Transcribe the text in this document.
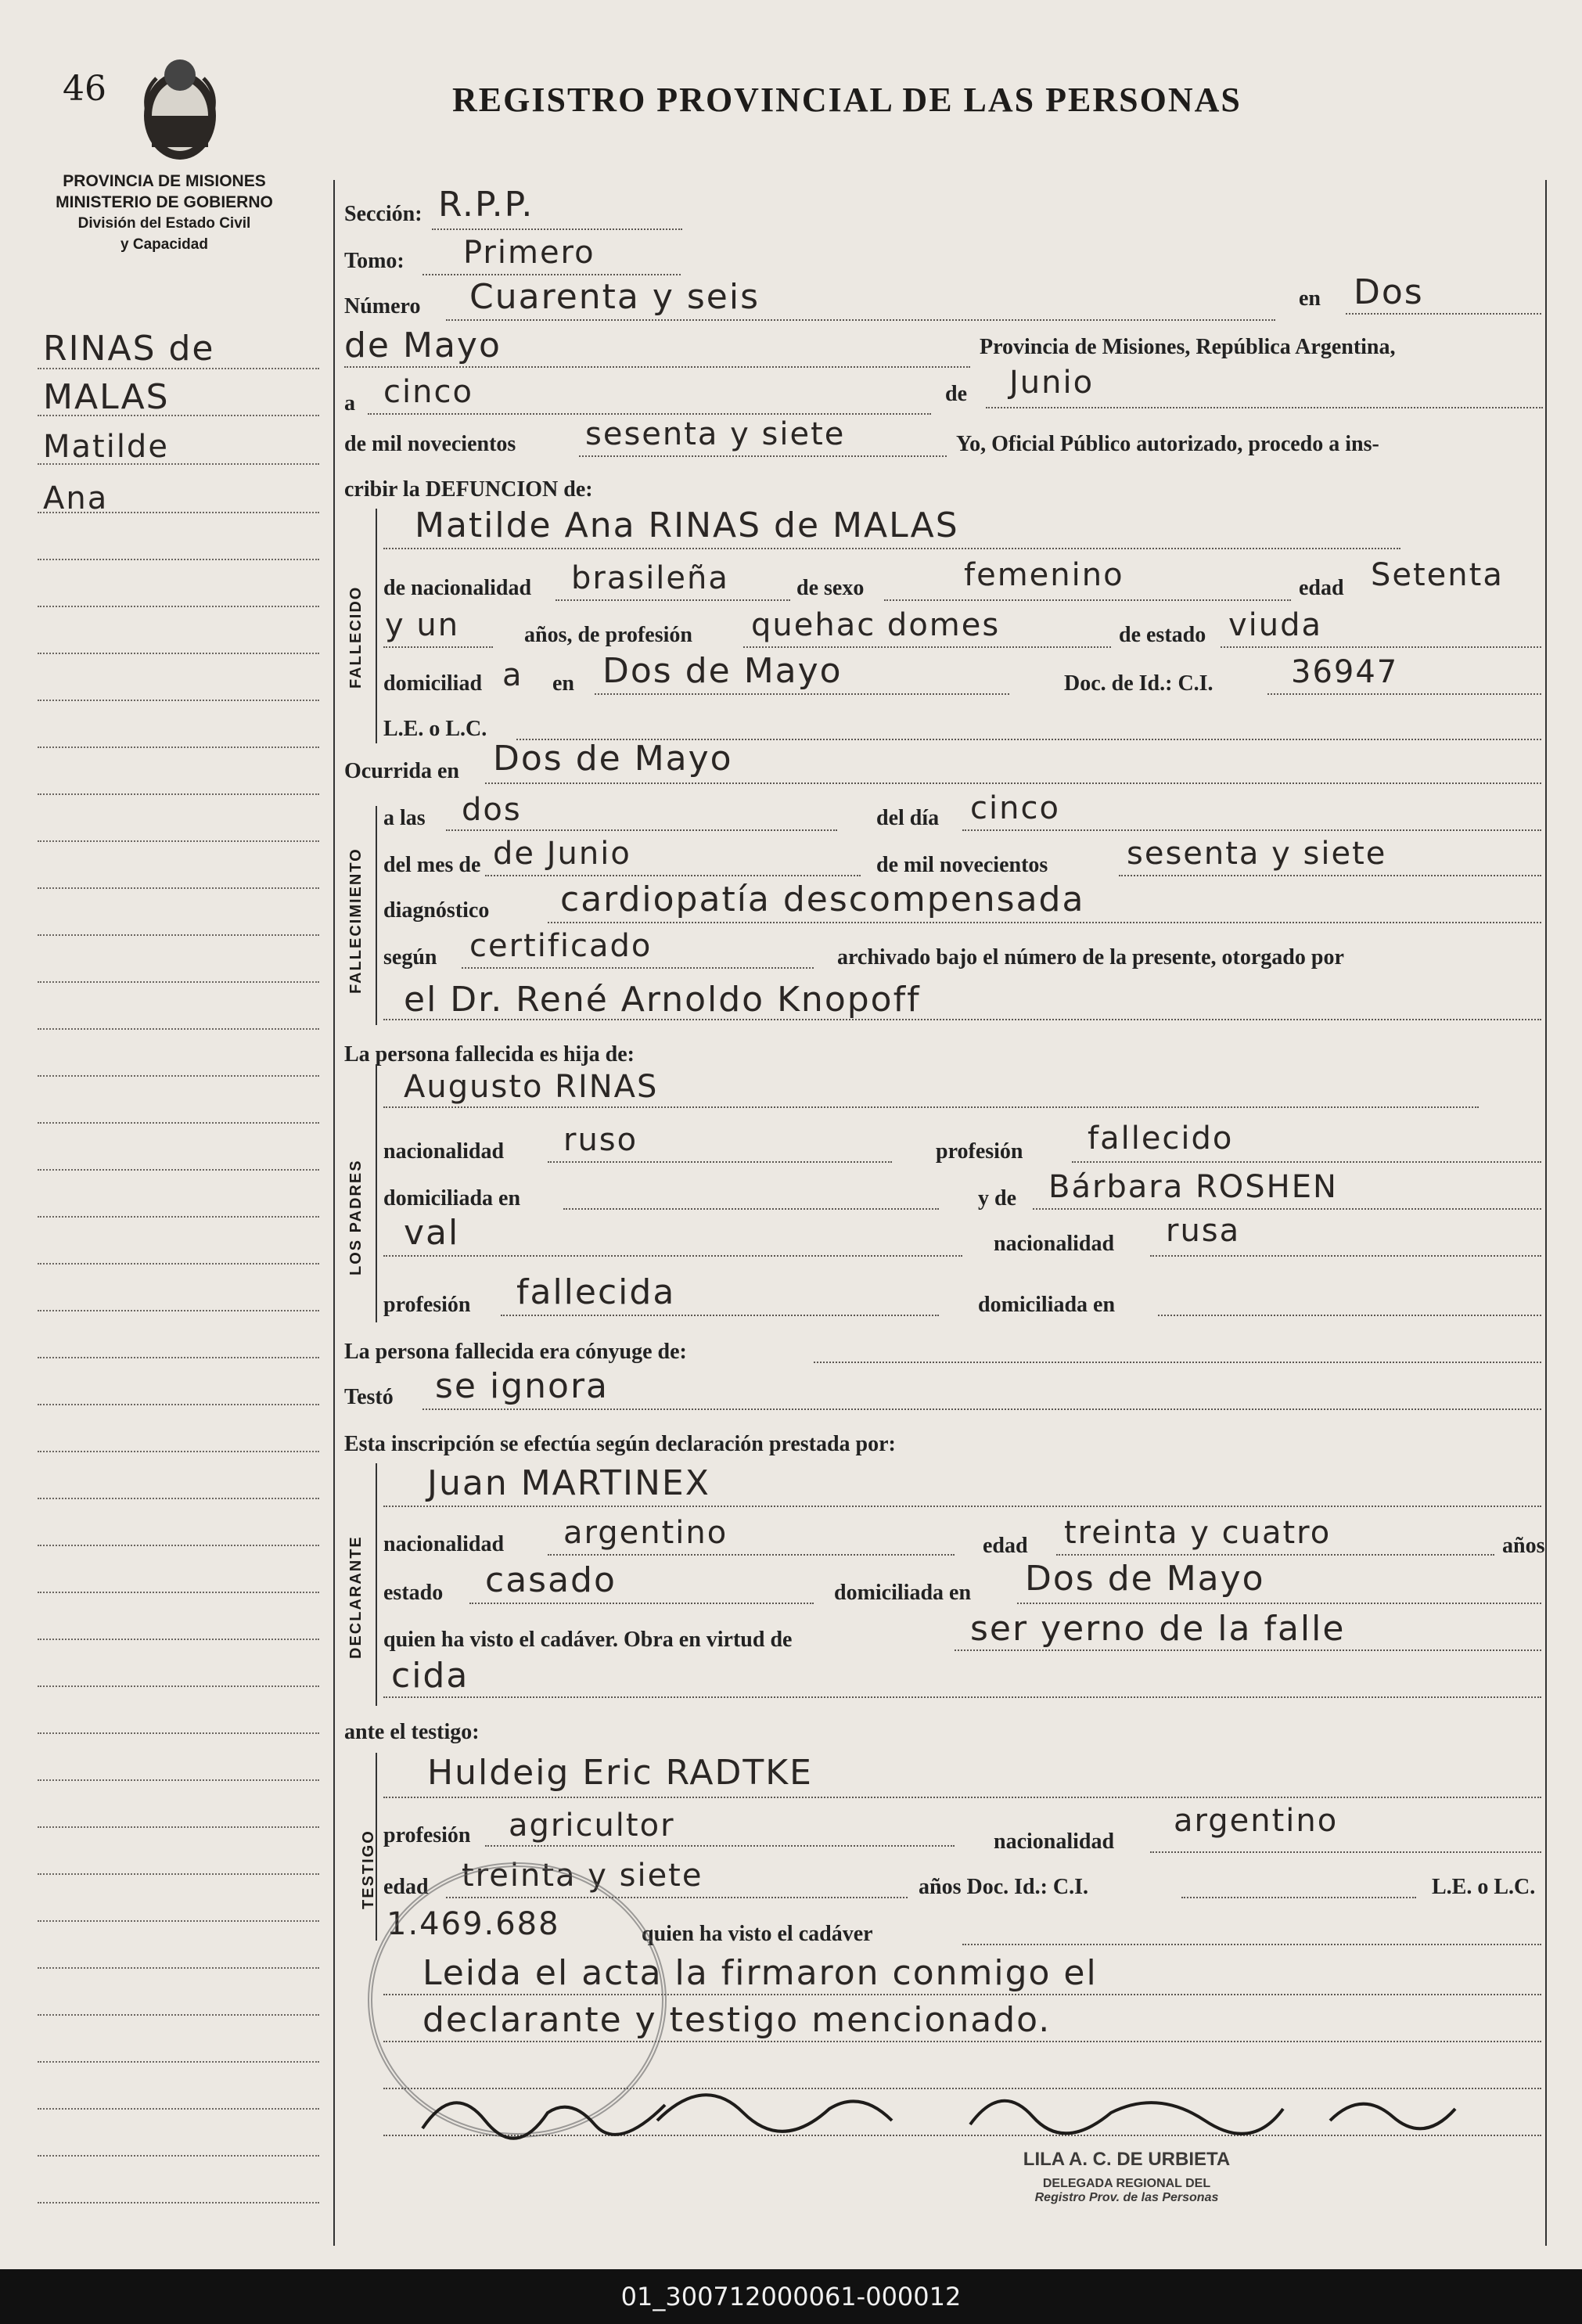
46	REGISTRO PROVINCIAL DE LAS PERSONAS
PROVINCIA DE MISIONES
MINISTERIO DE GOBIERNO
División del Estado Civil
y Capacidad
RINAS de
MALAS
Matilde
Ana
Sección: R.P.P.
Tomo: Primero
Número Cuarenta y seis	en Dos
de Mayo	Provincia de Misiones, República Argentina,
a cinco	de Junio
de mil novecientos sesenta y siete	Yo, Oficial Público autorizado, procedo a ins-
cribir la DEFUNCION de:
FALLECIDO
Matilde Ana RINAS de MALAS
de nacionalidad brasileña	de sexo	femenino	edad Setenta
y un	años, de profesión quehac domes	de estado viuda
domiciliad a en Dos de Mayo	Doc. de Id.: C.I. 36947
L.E. o L.C.
Ocurrida en Dos de Mayo
FALLECIMIENTO
a las dos	del día cinco
del mes de de Junio	de mil novecientos	sesenta y siete
diagnóstico cardiopatía descompensada
según certificado	archivado bajo el número de la presente, otorgado por
el Dr. René Arnoldo Knopoff
La persona fallecida es hija de:
LOS PADRES
Augusto RINAS
nacionalidad ruso	profesión fallecido
domiciliada en	y de Bárbara ROSHEN
val	nacionalidad rusa
profesión fallecida	domiciliada en
La persona fallecida era cónyuge de:
Testó se ignora
Esta inscripción se efectúa según declaración prestada por:
DECLARANTE
Juan MARTINEX
nacionalidad argentino	edad treinta y cuatro	años
estado casado	domiciliada en Dos de Mayo
quien ha visto el cadáver. Obra en virtud de	ser yerno de la falle
cida
ante el testigo:
TESTIGO
Huldeig Eric RADTKE
profesión agricultor	nacionalidad
argentino
edad treinta y siete	años Doc. Id.: C.I.	L.E. o L.C.
1.469.688	quien ha visto el cadáver
Leida el acta la firmaron conmigo el
declarante y testigo mencionado.
LILA A. C. DE URBIETA
DELEGADA REGIONAL DEL
Registro Prov. de las Personas
01_300712000061-000012
